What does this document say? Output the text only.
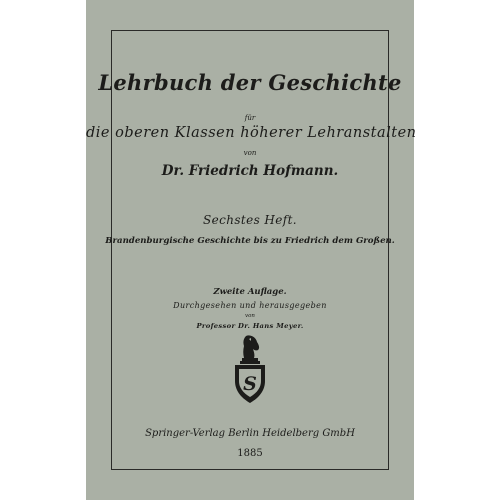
Lehrbuch der Geschichte

für

die oberen Klassen höherer Lehranstalten

von

Dr. Friedrich Hofmann.

Sechstes Heft.

Brandenburgische Geschichte bis zu Friedrich dem Großen.

Zweite Auflage.

Durchgesehen und herausgegeben

von

Professor Dr. Hans Meyer.

S

Springer-Verlag Berlin Heidelberg GmbH

1885
